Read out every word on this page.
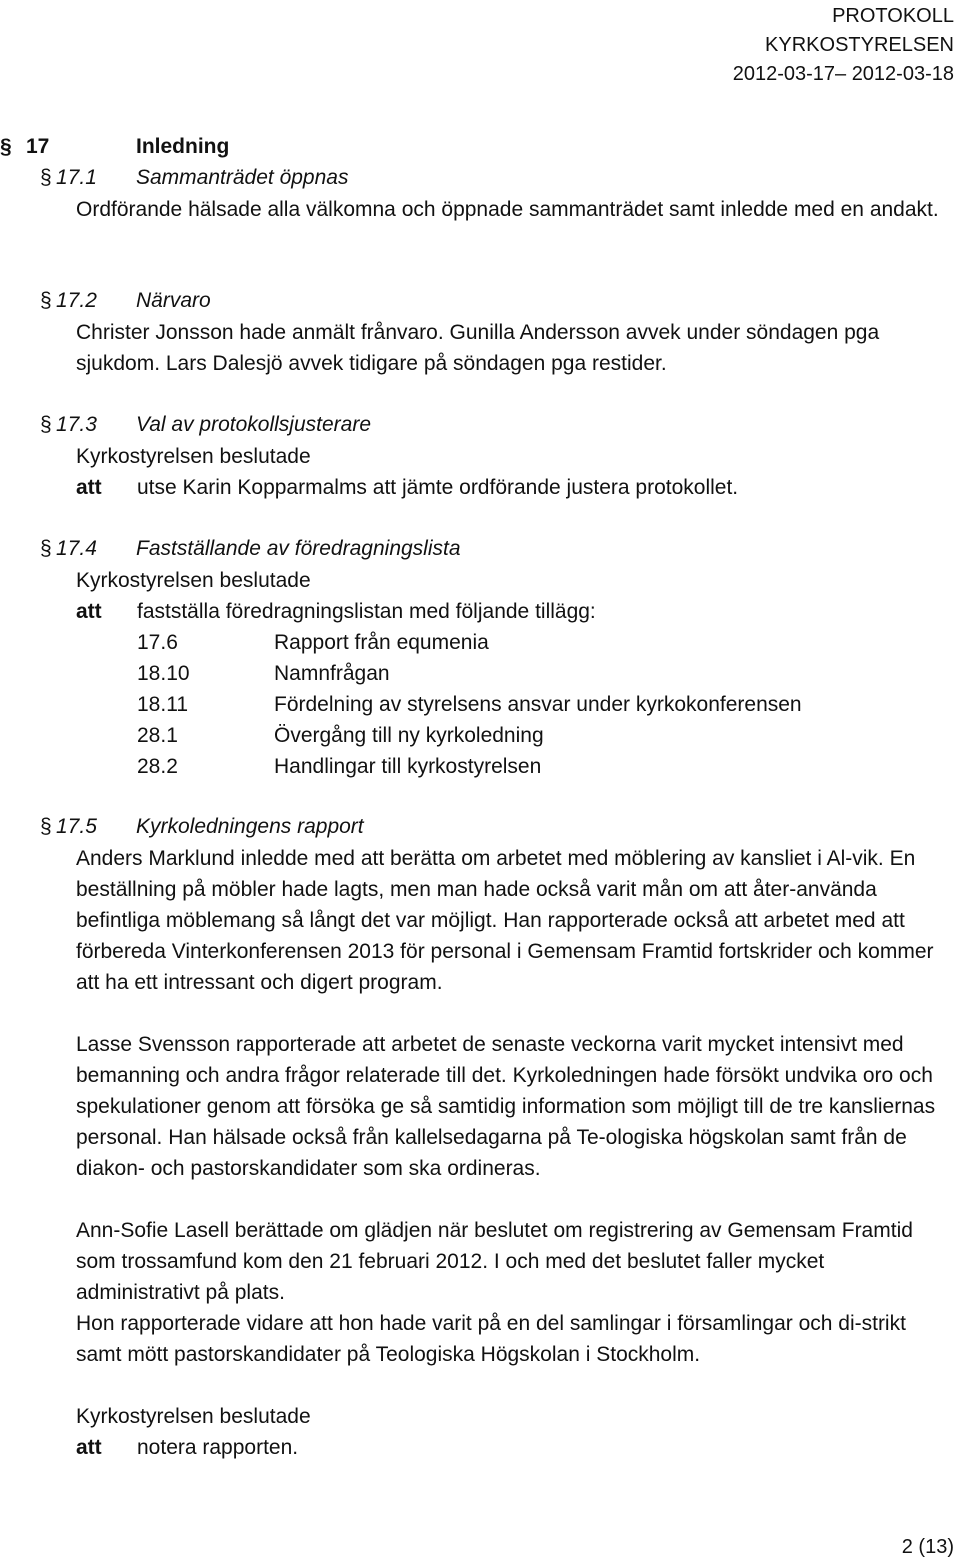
PROTOKOLL
KYRKOSTYRELSEN
2012-03-17– 2012-03-18
§ 17	Inledning
§ 17.1	Sammanträdet öppnas

Ordförande hälsade alla välkomna och öppnade sammanträdet samt inledde med en andakt.

§ 17.2	Närvaro

Christer Jonsson hade anmält frånvaro. Gunilla Andersson avvek under söndagen pga sjukdom. Lars Dalesjö avvek tidigare på söndagen pga restider.

§ 17.3	Val av protokollsjusterare
Kyrkostyrelsen beslutade
att	utse Karin Kopparmalms att jämte ordförande justera protokollet.
§ 17.4	Fastställande av föredragningslista
Kyrkostyrelsen beslutade
att	fastställa föredragningslistan med följande tillägg:
17.6	Rapport från equmenia
18.10	Namnfrågan
18.11	Fördelning av styrelsens ansvar under kyrkokonferensen
28.1	Övergång till ny kyrkoledning
28.2	Handlingar till kyrkostyrelsen
§ 17.5	Kyrkoledningens rapport

Anders Marklund inledde med att berätta om arbetet med möblering av kansliet i Al-vik. En beställning på möbler hade lagts, men man hade också varit mån om att åter-använda befintliga möblemang så långt det var möjligt. Han rapporterade också att arbetet med att förbereda Vinterkonferensen 2013 för personal i Gemensam Framtid fortskrider och kommer att ha ett intressant och digert program.

Lasse Svensson rapporterade att arbetet de senaste veckorna varit mycket intensivt med bemanning och andra frågor relaterade till det. Kyrkoledningen hade försökt undvika oro och spekulationer genom att försöka ge så samtidig information som möjligt till de tre kansliernas personal. Han hälsade också från kallelsedagarna på Te-ologiska högskolan samt från de diakon- och pastorskandidater som ska ordineras.

Ann-Sofie Lasell berättade om glädjen när beslutet om registrering av Gemensam Framtid som trossamfund kom den 21 februari 2012. I och med det beslutet faller mycket administrativt på plats.

Hon rapporterade vidare att hon hade varit på en del samlingar i församlingar och di-strikt samt mött pastorskandidater på Teologiska Högskolan i Stockholm.

Kyrkostyrelsen beslutade
att	notera rapporten.
2 (13)
